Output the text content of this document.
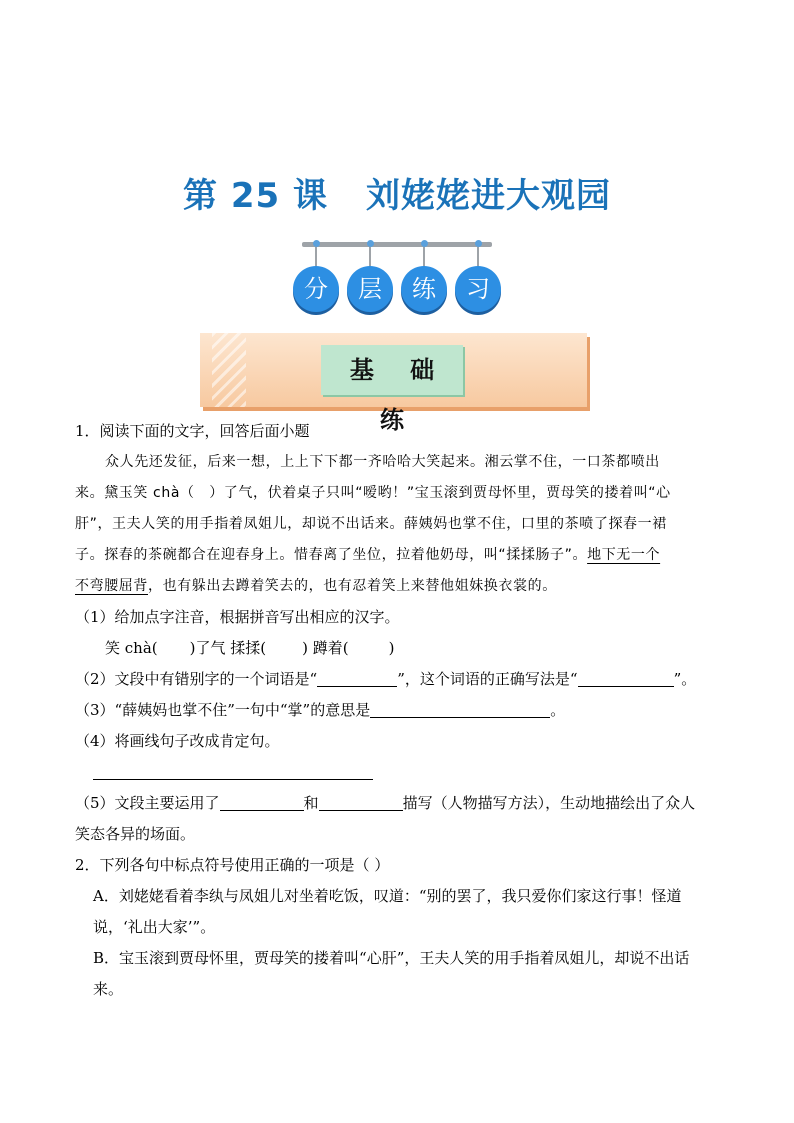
第 25 课 刘姥姥进大观园
分	层	练	习
基 础 练
1．阅读下面的文字，回答后面小题
众人先还发征，后来一想，上上下下都一齐哈哈大笑起来。湘云掌不住，一口茶都喷出
来。黛玉笑 chà（　）了气，伏着桌子只叫“嗳哟！”宝玉滚到贾母怀里，贾母笑的搂着叫“心
肝”，王夫人笑的用手指着凤姐儿，却说不出话来。薛姨妈也掌不住，口里的茶喷了探春一裙
子。探春的茶碗都合在迎春身上。惜春离了坐位，拉着他奶母，叫“揉揉肠子”。地下无一个
不弯腰屈背，也有躲出去蹲着笑去的，也有忍着笑上来替他姐妹换衣裳的。
（1）给加点字注音，根据拼音写出相应的汉字。
笑 chà( )了气 揉揉( ) 蹲着(	)
（2）文段中有错别字的一个词语是“	”，这个词语的正确写法是“	”。
（3）“薛姨妈也掌不住”一句中“掌”的意思是	。
（4）将画线句子改成肯定句。
（5）文段主要运用了	和	描写（人物描写方法），生动地描绘出了众人
笑态各异的场面。
2．下列各句中标点符号使用正确的一项是（ ）
A．刘姥姥看着李纨与凤姐儿对坐着吃饭，叹道：“别的罢了，我只爱你们家这行事！怪道
说，‘礼出大家’”。
B．宝玉滚到贾母怀里，贾母笑的搂着叫“心肝”，王夫人笑的用手指着凤姐儿，却说不出话
来。
